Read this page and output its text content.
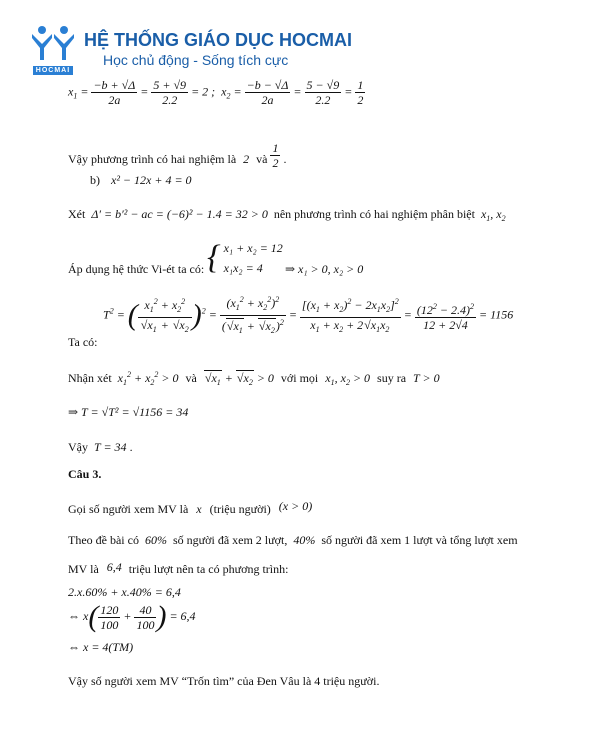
HOCMAI
HỆ THỐNG GIÁO DỤC HOCMAI
Học chủ động - Sống tích cực
$x_1 = \frac{-b + √\Delta}{2a} = \frac{5 + √9}{2.2} = 2$ ;  $x_2 = \frac{-b - √\Delta}{2a} = \frac{5 - √9}{2.2} = \frac{1}{2}$
Vậy phương trình có hai nghiệm là 2 và $\frac{1}{2}$ .
b) x² − 12x + 4 = 0
Xét Δ′ = b′² − ac = (−6)² − 1.4 = 32 > 0 nên phương trình có hai nghiệm phân biệt $x_1$, $x_2$
Áp dụng hệ thức Vi-ét ta có: { x₁ + x₂ = 12
x₁x₂ = 4	⇒ x₁ > 0, x₂ > 0
$T^2$ = ( $\frac{x_1^2 + x_2^2}{√x_1 + √x_2} )^2 = \frac{(x_1^2 + x_2^2)^2}{(√x_1 + √x_2)^2} = \frac{[(x_1 + x_2)^2 - 2x_1x_2]^2}{x_1 + x_2 + 2√x_1x_2} = \frac{(12^2 - 2.4)^2}{12 + 2√4} = 1156$
Ta có:
Nhận xét $x_1^2 + x_2^2 > 0$ và $√x_1 + √x_2 > 0$ với mọi $x_1$, $x_2 > 0$ suy ra T > 0
⇒ T = √T² = √1156 = 34
Vậy T = 34 .
Câu 3.
Gọi số người xem MV là x (triệu người) (x > 0)
Theo đề bài có 60% số người đã xem 2 lượt, 40% số người đã xem 1 lượt và tổng lượt xem
MV là 6,4 triệu lượt nên ta có phương trình:
2.x.60% + x.40% = 6,4
⇔ $x( \frac{120}{100} + \frac{40}{100}$ ) = 6,4
⇔ x = 4(TM)
Vậy số người xem MV “Trốn tìm” của Đen Vâu là 4 triệu người.
